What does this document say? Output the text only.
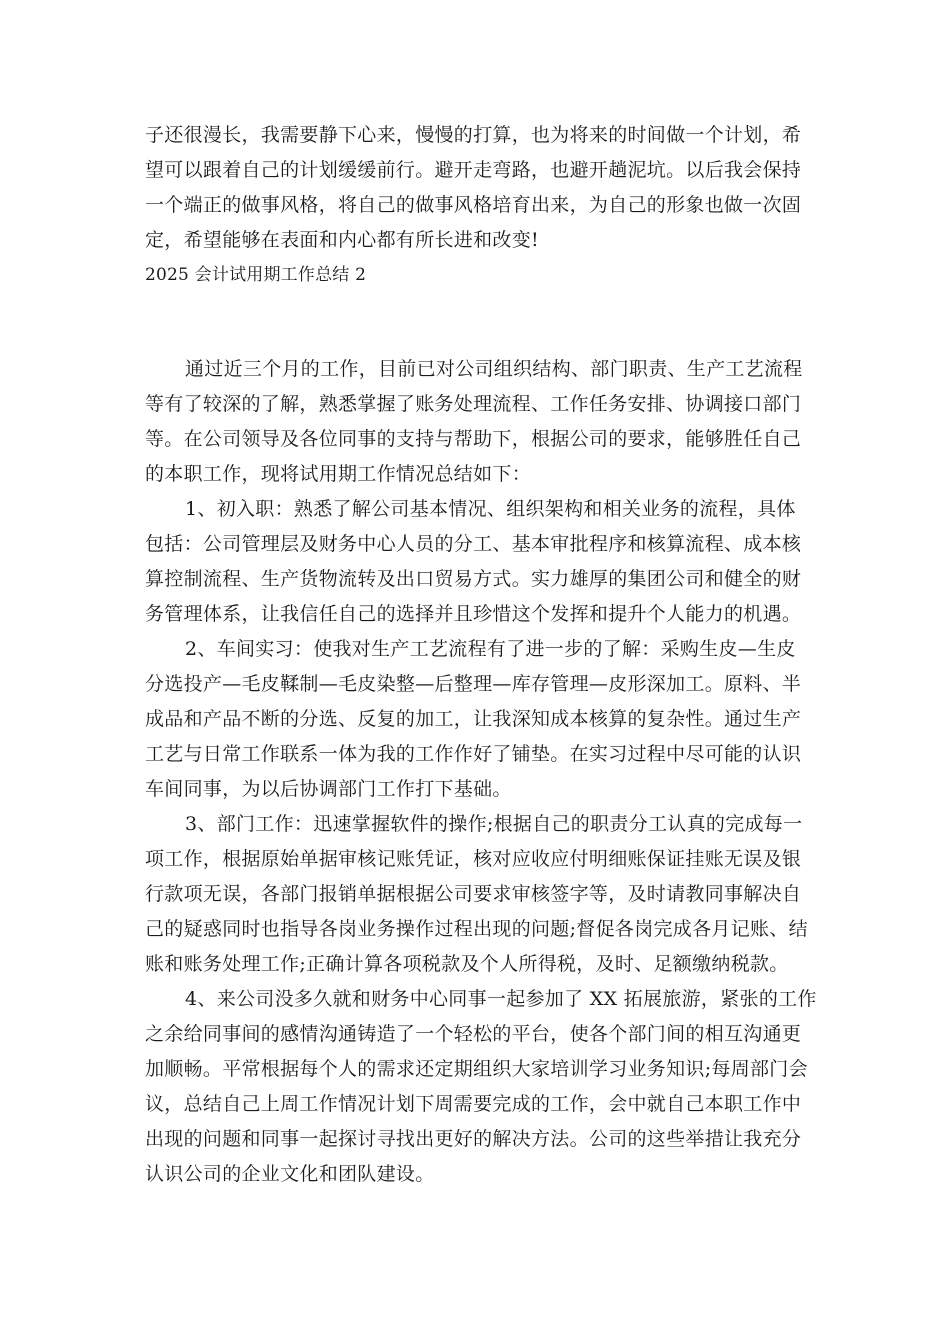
子还很漫长，我需要静下心来，慢慢的打算，也为将来的时间做一个计划，希
望可以跟着自己的计划缓缓前行。避开走弯路，也避开趟泥坑。以后我会保持
一个端正的做事风格，将自己的做事风格培育出来，为自己的形象也做一次固
定，希望能够在表面和内心都有所长进和改变!
2025 会计试用期工作总结 2
通过近三个月的工作，目前已对公司组织结构、部门职责、生产工艺流程
等有了较深的了解，熟悉掌握了账务处理流程、工作任务安排、协调接口部门
等。在公司领导及各位同事的支持与帮助下，根据公司的要求，能够胜任自己
的本职工作，现将试用期工作情况总结如下：
1、初入职：熟悉了解公司基本情况、组织架构和相关业务的流程，具体
包括：公司管理层及财务中心人员的分工、基本审批程序和核算流程、成本核
算控制流程、生产货物流转及出口贸易方式。实力雄厚的集团公司和健全的财
务管理体系，让我信任自己的选择并且珍惜这个发挥和提升个人能力的机遇。
2、车间实习：使我对生产工艺流程有了进一步的了解：采购生皮—生皮
分选投产—毛皮鞣制—毛皮染整—后整理—库存管理—皮形深加工。原料、半
成品和产品不断的分选、反复的加工，让我深知成本核算的复杂性。通过生产
工艺与日常工作联系一体为我的工作作好了铺垫。在实习过程中尽可能的认识
车间同事，为以后协调部门工作打下基础。
3、部门工作：迅速掌握软件的操作;根据自己的职责分工认真的完成每一
项工作，根据原始单据审核记账凭证，核对应收应付明细账保证挂账无误及银
行款项无误，各部门报销单据根据公司要求审核签字等，及时请教同事解决自
己的疑惑同时也指导各岗业务操作过程出现的问题;督促各岗完成各月记账、结
账和账务处理工作;正确计算各项税款及个人所得税，及时、足额缴纳税款。
4、来公司没多久就和财务中心同事一起参加了 XX 拓展旅游，紧张的工作
之余给同事间的感情沟通铸造了一个轻松的平台，使各个部门间的相互沟通更
加顺畅。平常根据每个人的需求还定期组织大家培训学习业务知识;每周部门会
议，总结自己上周工作情况计划下周需要完成的工作，会中就自己本职工作中
出现的问题和同事一起探讨寻找出更好的解决方法。公司的这些举措让我充分
认识公司的企业文化和团队建设。
